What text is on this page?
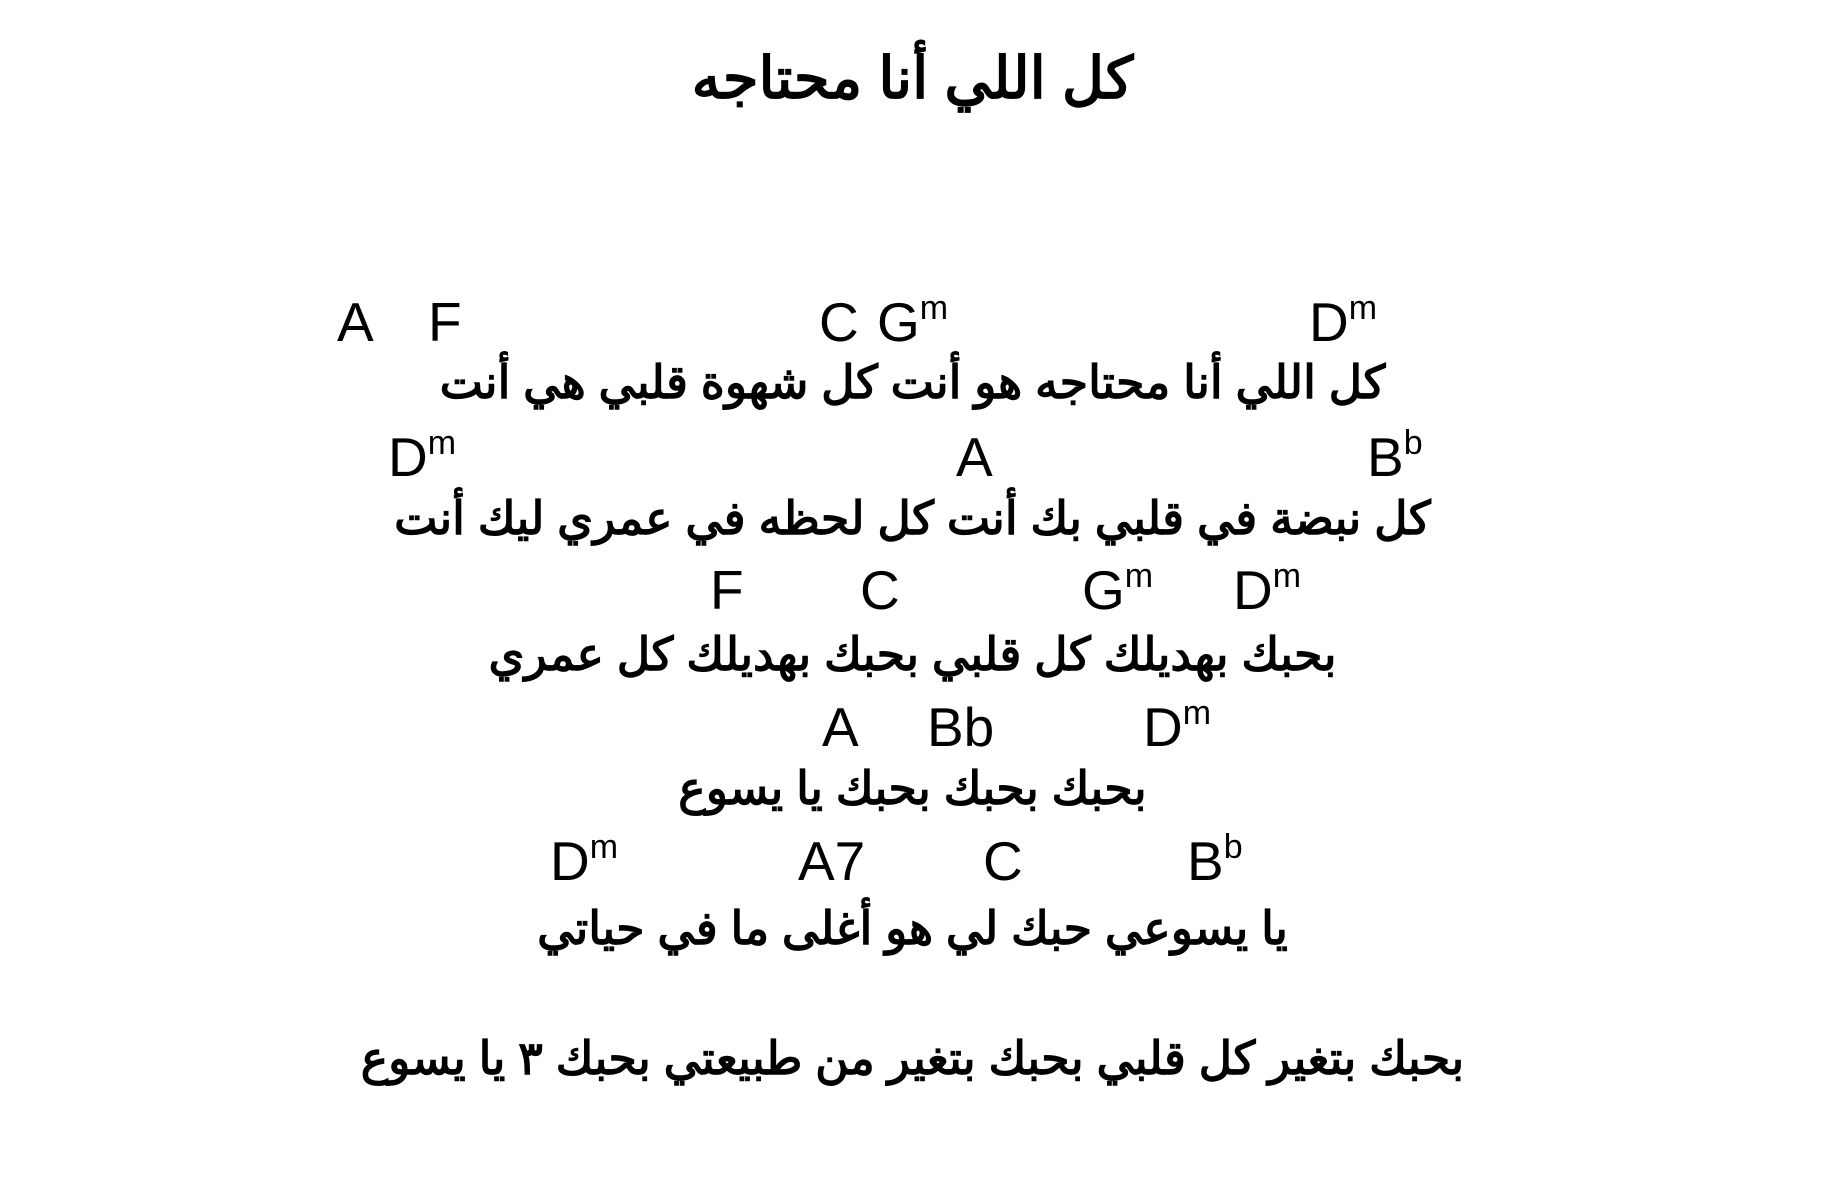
كل اللي أنا محتاجه
A F	C $G^m$	$D^m$
كل اللي أنا محتاجه هو أنت كل شهوة قلبي هي أنت
$D^m$	A	$B^b$
كل نبضة في قلبي بك أنت كل لحظه في عمري ليك أنت
F C	$G^m$ $D^m$
بحبك بهديلك كل قلبي بحبك بهديلك كل عمري
A Bb	$D^m$
بحبك بحبك بحبك يا يسوع
$D^m$	A7 C	$B^b$
يا يسوعي حبك لي هو أغلى ما في حياتي
بحبك بتغير كل قلبي بحبك بتغير من طبيعتي بحبك ٣ يا يسوع
